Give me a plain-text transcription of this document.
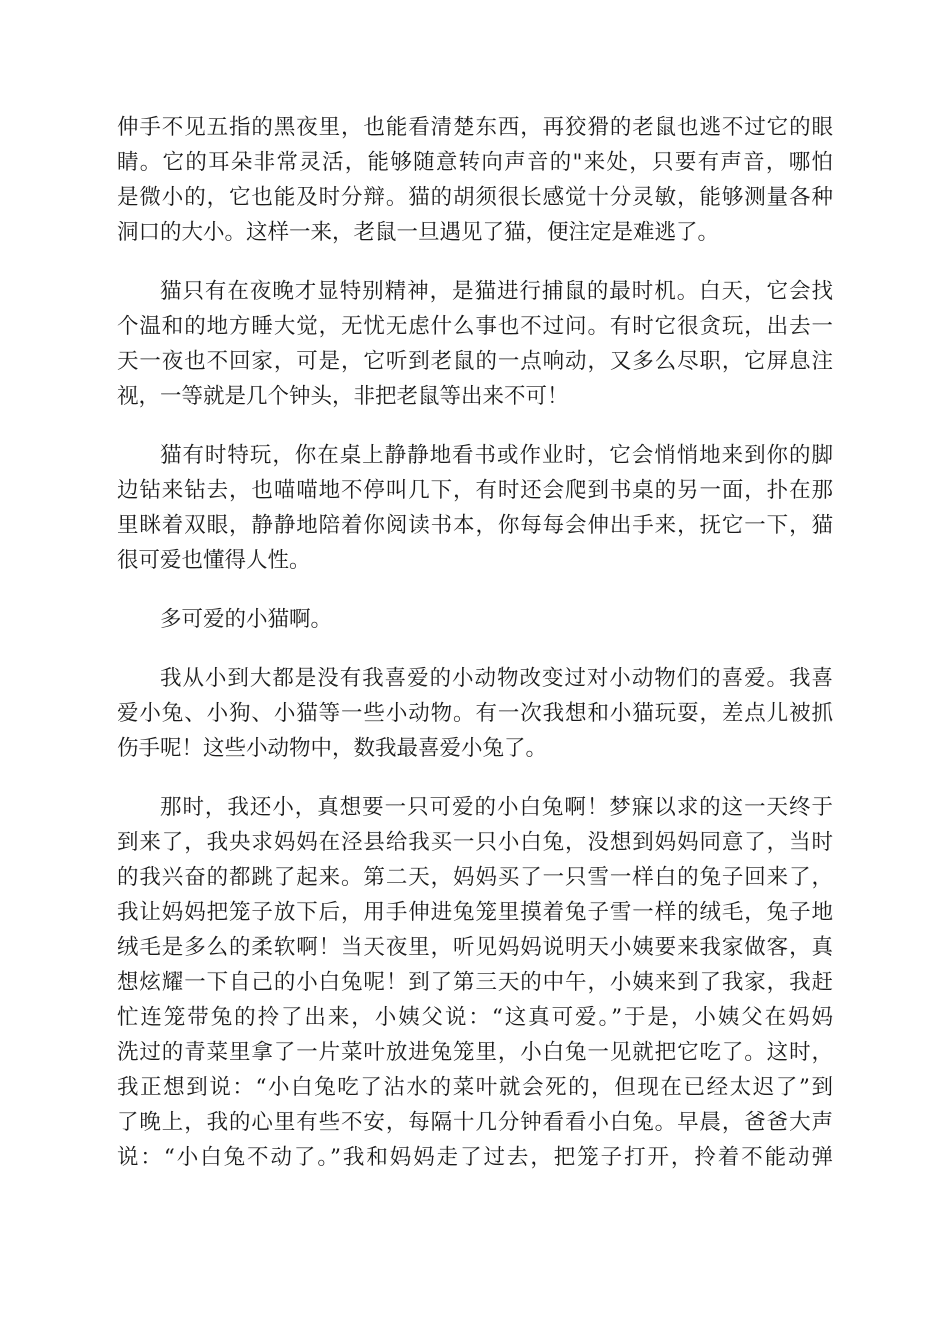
伸手不见五指的黑夜里，也能看清楚东西，再狡猾的老鼠也逃不过它的眼
睛。它的耳朵非常灵活，能够随意转向声音的"来处，只要有声音，哪怕
是微小的，它也能及时分辩。猫的胡须很长感觉十分灵敏，能够测量各种
洞口的大小。这样一来，老鼠一旦遇见了猫，便注定是难逃了。
猫只有在夜晚才显特别精神，是猫进行捕鼠的最时机。白天，它会找
个温和的地方睡大觉，无忧无虑什么事也不过问。有时它很贪玩，出去一
天一夜也不回家，可是，它听到老鼠的一点响动，又多么尽职，它屏息注
视，一等就是几个钟头，非把老鼠等出来不可！
猫有时特玩，你在桌上静静地看书或作业时，它会悄悄地来到你的脚
边钻来钻去，也喵喵地不停叫几下，有时还会爬到书桌的另一面，扑在那
里眯着双眼，静静地陪着你阅读书本，你每每会伸出手来，抚它一下，猫
很可爱也懂得人性。
多可爱的小猫啊。
我从小到大都是没有我喜爱的小动物改变过对小动物们的喜爱。我喜
爱小兔、小狗、小猫等一些小动物。有一次我想和小猫玩耍，差点儿被抓
伤手呢！这些小动物中，数我最喜爱小兔了。
那时，我还小，真想要一只可爱的小白兔啊！梦寐以求的这一天终于
到来了，我央求妈妈在泾县给我买一只小白兔，没想到妈妈同意了，当时
的我兴奋的都跳了起来。第二天，妈妈买了一只雪一样白的兔子回来了，
我让妈妈把笼子放下后，用手伸进兔笼里摸着兔子雪一样的绒毛，兔子地
绒毛是多么的柔软啊！当天夜里，听见妈妈说明天小姨要来我家做客，真
想炫耀一下自己的小白兔呢！到了第三天的中午，小姨来到了我家，我赶
忙连笼带兔的拎了出来，小姨父说：“这真可爱。”于是，小姨父在妈妈
洗过的青菜里拿了一片菜叶放进兔笼里，小白兔一见就把它吃了。这时，
我正想到说：“小白兔吃了沾水的菜叶就会死的，但现在已经太迟了”到
了晚上，我的心里有些不安，每隔十几分钟看看小白兔。早晨，爸爸大声
说：“小白兔不动了。”我和妈妈走了过去，把笼子打开，拎着不能动弹
